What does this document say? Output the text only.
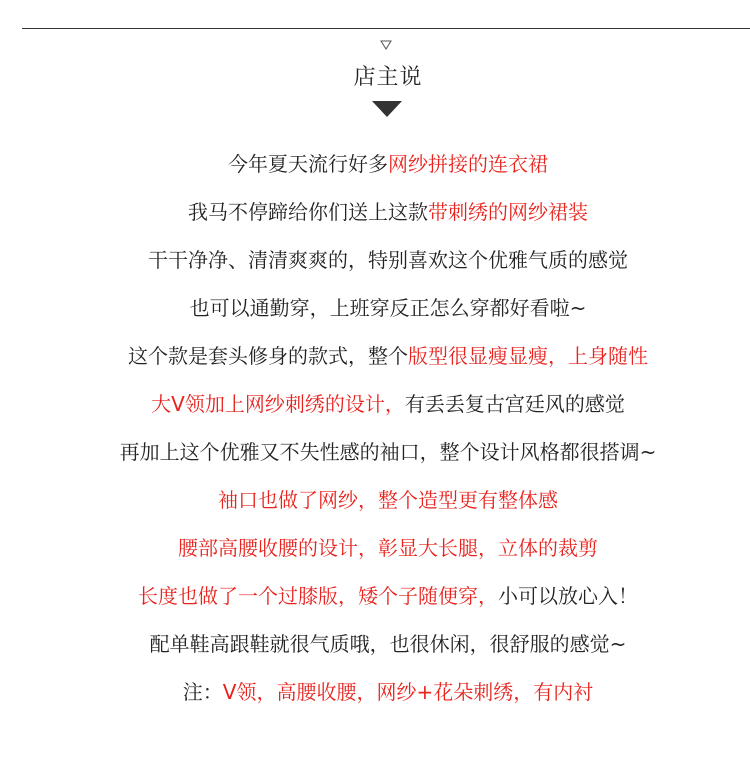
店主说
今年夏天流行好多网纱拼接的连衣裙
我马不停蹄给你们送上这款带刺绣的网纱裙装
干干净净、清清爽爽的，特别喜欢这个优雅气质的感觉
也可以通勤穿，上班穿反正怎么穿都好看啦~
这个款是套头修身的款式，整个版型很显瘦显瘦，上身随性
大V领加上网纱刺绣的设计，有丢丢复古宫廷风的感觉
再加上这个优雅又不失性感的袖口，整个设计风格都很搭调~
袖口也做了网纱，整个造型更有整体感
腰部高腰收腰的设计，彰显大长腿，立体的裁剪
长度也做了一个过膝版，矮个子随便穿，小可以放心入！
配单鞋高跟鞋就很气质哦，也很休闲，很舒服的感觉~
注：V领，高腰收腰，网纱+花朵刺绣，有内衬
